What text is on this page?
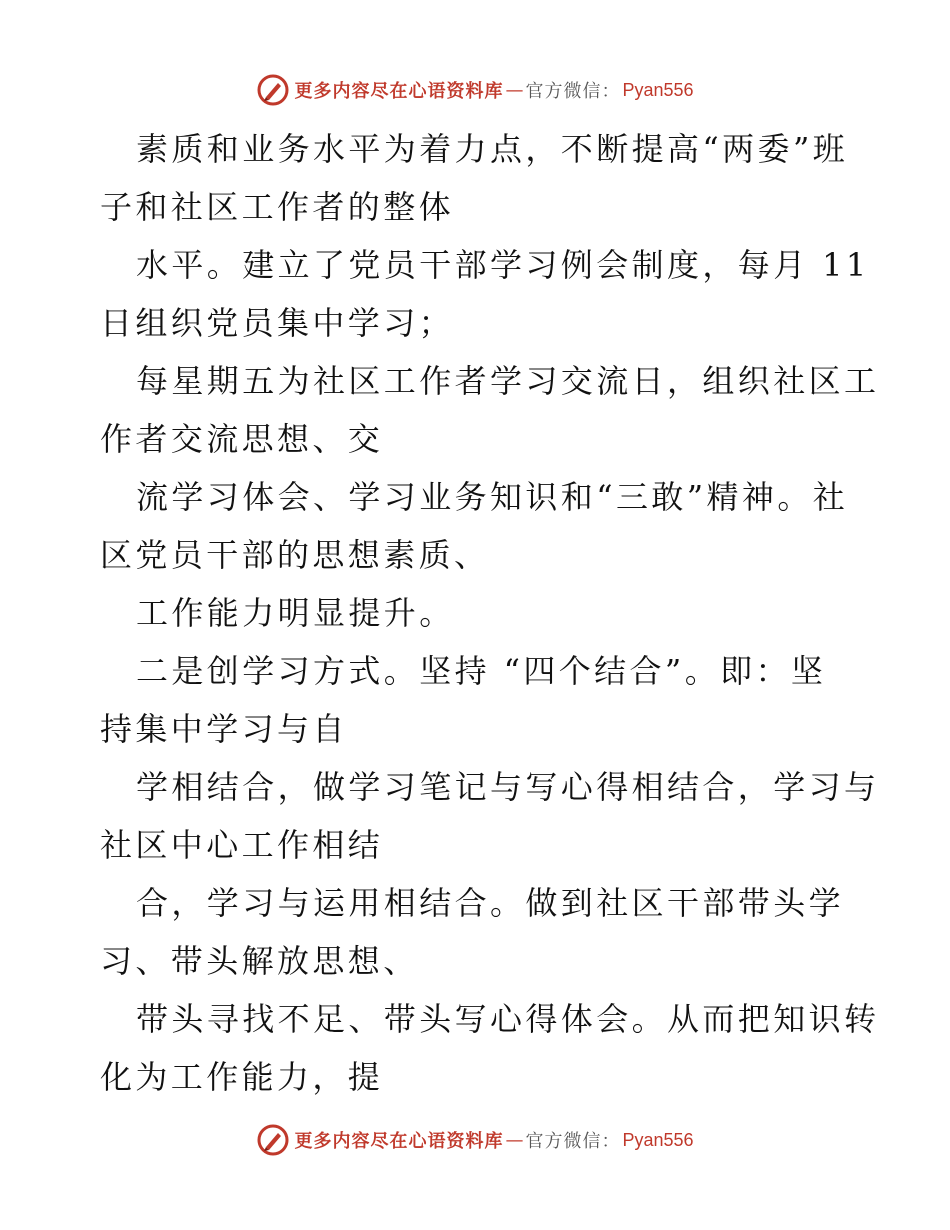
更多内容尽在心语资料库 — 官方微信： Pyan556
素质和业务水平为着力点，不断提高“两委”班
子和社区工作者的整体
水平。建立了党员干部学习例会制度，每月 11
日组织党员集中学习；
每星期五为社区工作者学习交流日，组织社区工
作者交流思想、交
流学习体会、学习业务知识和“三敢”精神。社
区党员干部的思想素质、
工作能力明显提升。
二是创学习方式。坚持 “四个结合”。即：坚
持集中学习与自
学相结合，做学习笔记与写心得相结合，学习与
社区中心工作相结
合，学习与运用相结合。做到社区干部带头学
习、带头解放思想、
带头寻找不足、带头写心得体会。从而把知识转
化为工作能力，提
更多内容尽在心语资料库 — 官方微信： Pyan556
